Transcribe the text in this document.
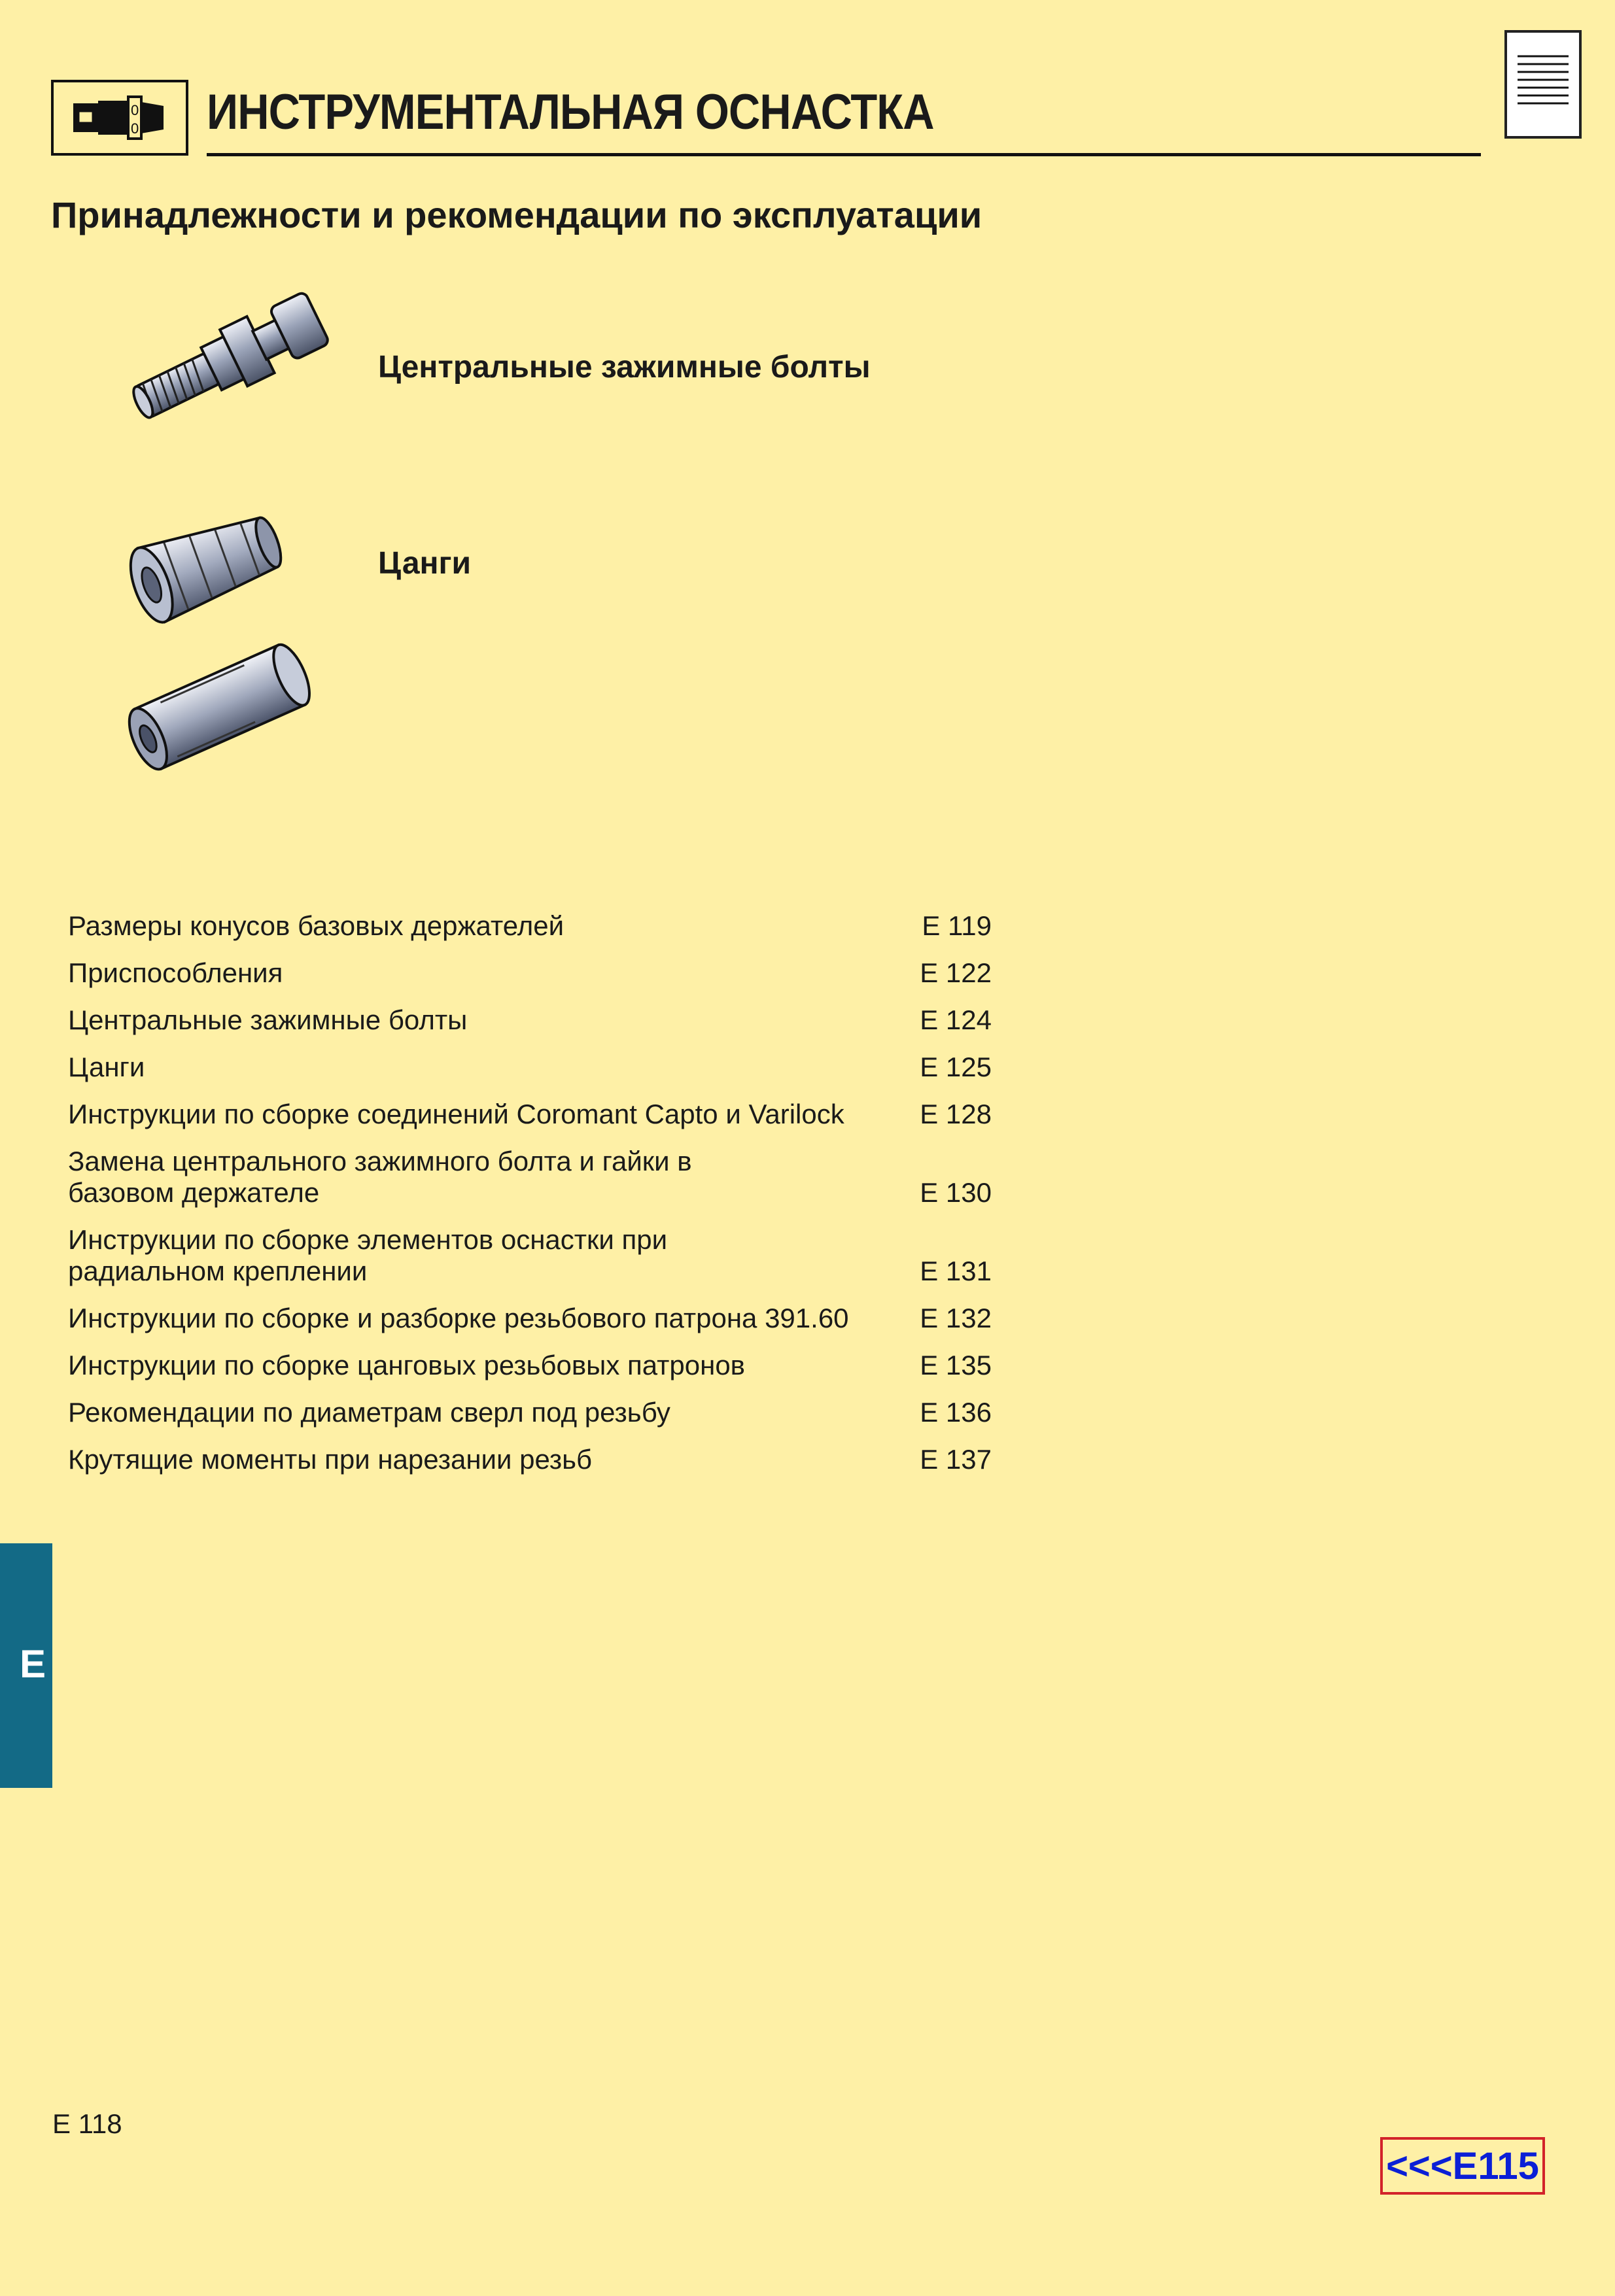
0
0 ИНСТРУМЕНТАЛЬНАЯ ОСНАСТКА
Принадлежности и рекомендации по эксплуатации
Центральные зажимные болты
Цанги
Размеры конусов базовых держателей	E 119
Приспособления	E 122
Центральные зажимные болты	E 124
Цанги	E 125
Инструкции по сборке соединений Coromant Capto и Varilock	E 128
Замена центрального зажимного болта и гайки в базовом держателе	E 130
Инструкции по сборке элементов оснастки при радиальном креплении	E 131
Инструкции по сборке и разборке резьбового патрона 391.60	E 132
Инструкции по сборке цанговых резьбовых патронов	E 135
Рекомендации по диаметрам сверл под резьбу	E 136
Крутящие моменты при нарезании резьб	E 137
E
E 118
<<<E115
